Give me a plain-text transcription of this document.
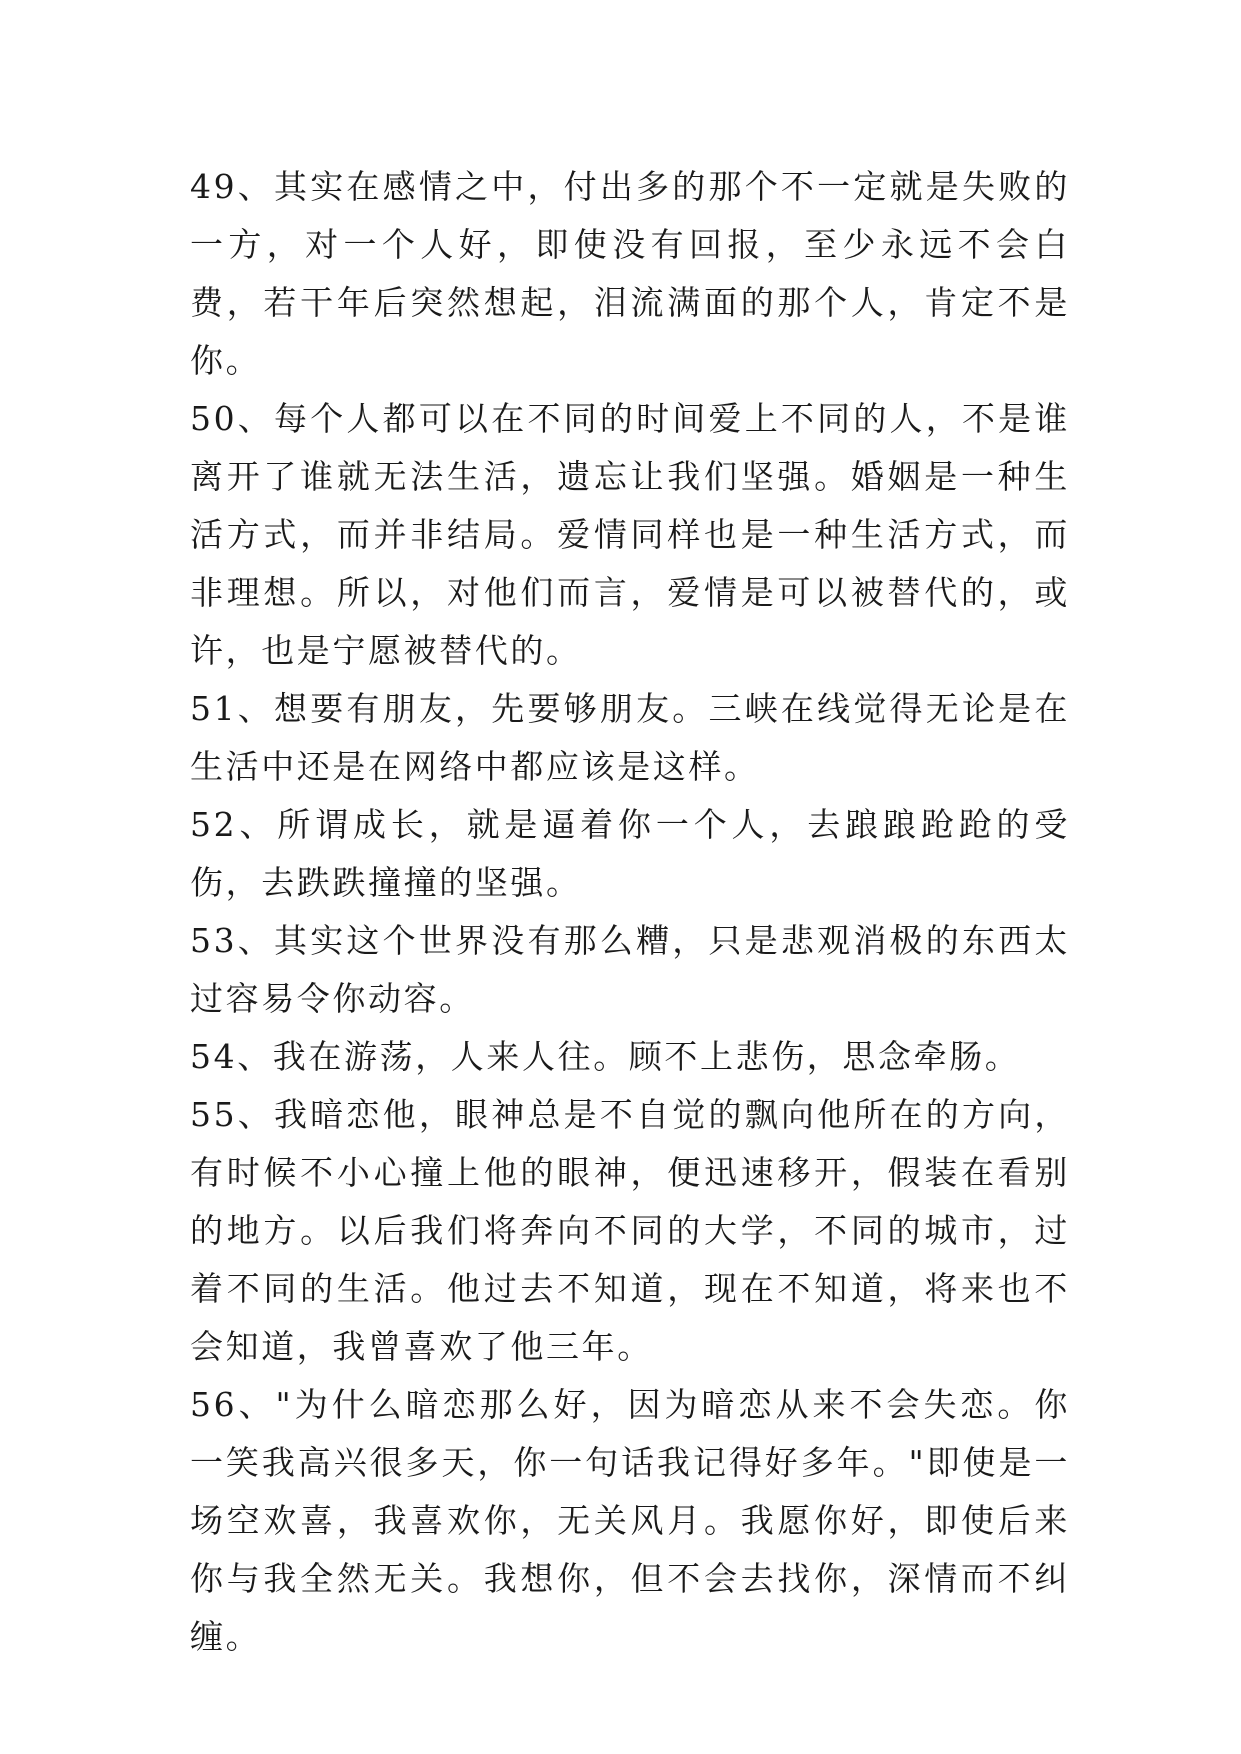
49、其实在感情之中，付出多的那个不一定就是失败的一方，对一个人好，即使没有回报，至少永远不会白费，若干年后突然想起，泪流满面的那个人，肯定不是你。

50、每个人都可以在不同的时间爱上不同的人，不是谁离开了谁就无法生活，遗忘让我们坚强。婚姻是一种生活方式，而并非结局。爱情同样也是一种生活方式，而非理想。所以，对他们而言，爱情是可以被替代的，或许，也是宁愿被替代的。

51、想要有朋友，先要够朋友。三峡在线觉得无论是在生活中还是在网络中都应该是这样。

52、所谓成长，就是逼着你一个人，去踉踉跄跄的受伤，去跌跌撞撞的坚强。

53、其实这个世界没有那么糟，只是悲观消极的东西太过容易令你动容。

54、我在游荡，人来人往。顾不上悲伤，思念牵肠。

55、我暗恋他，眼神总是不自觉的飘向他所在的方向，有时候不小心撞上他的眼神，便迅速移开，假装在看别的地方。以后我们将奔向不同的大学，不同的城市，过着不同的生活。他过去不知道，现在不知道，将来也不会知道，我曾喜欢了他三年。

56、"为什么暗恋那么好，因为暗恋从来不会失恋。你一笑我高兴很多天，你一句话我记得好多年。"即使是一场空欢喜，我喜欢你，无关风月。我愿你好，即使后来你与我全然无关。我想你，但不会去找你，深情而不纠缠。
